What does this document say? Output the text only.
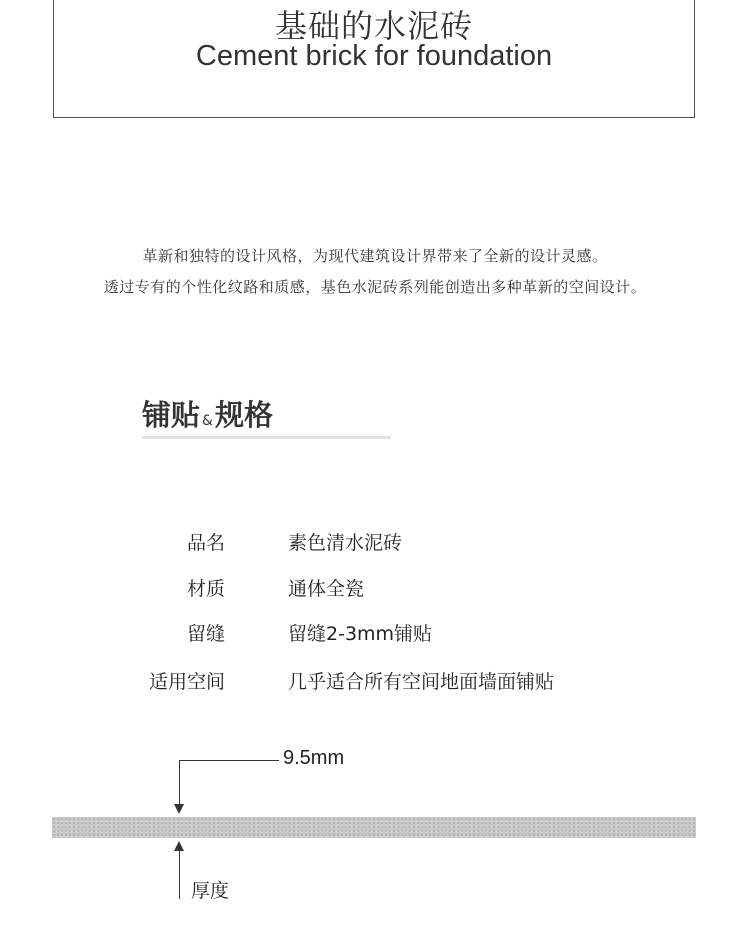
基础的水泥砖
Cement brick for foundation
革新和独特的设计风格，为现代建筑设计界带来了全新的设计灵感。
透过专有的个性化纹路和质感，基色水泥砖系列能创造出多种革新的空间设计。
铺贴 &规格
品名	素色清水泥砖
材质	通体全瓷
留缝	留缝2-3mm铺贴
适用空间	几乎适合所有空间地面墙面铺贴
9.5mm
厚度
